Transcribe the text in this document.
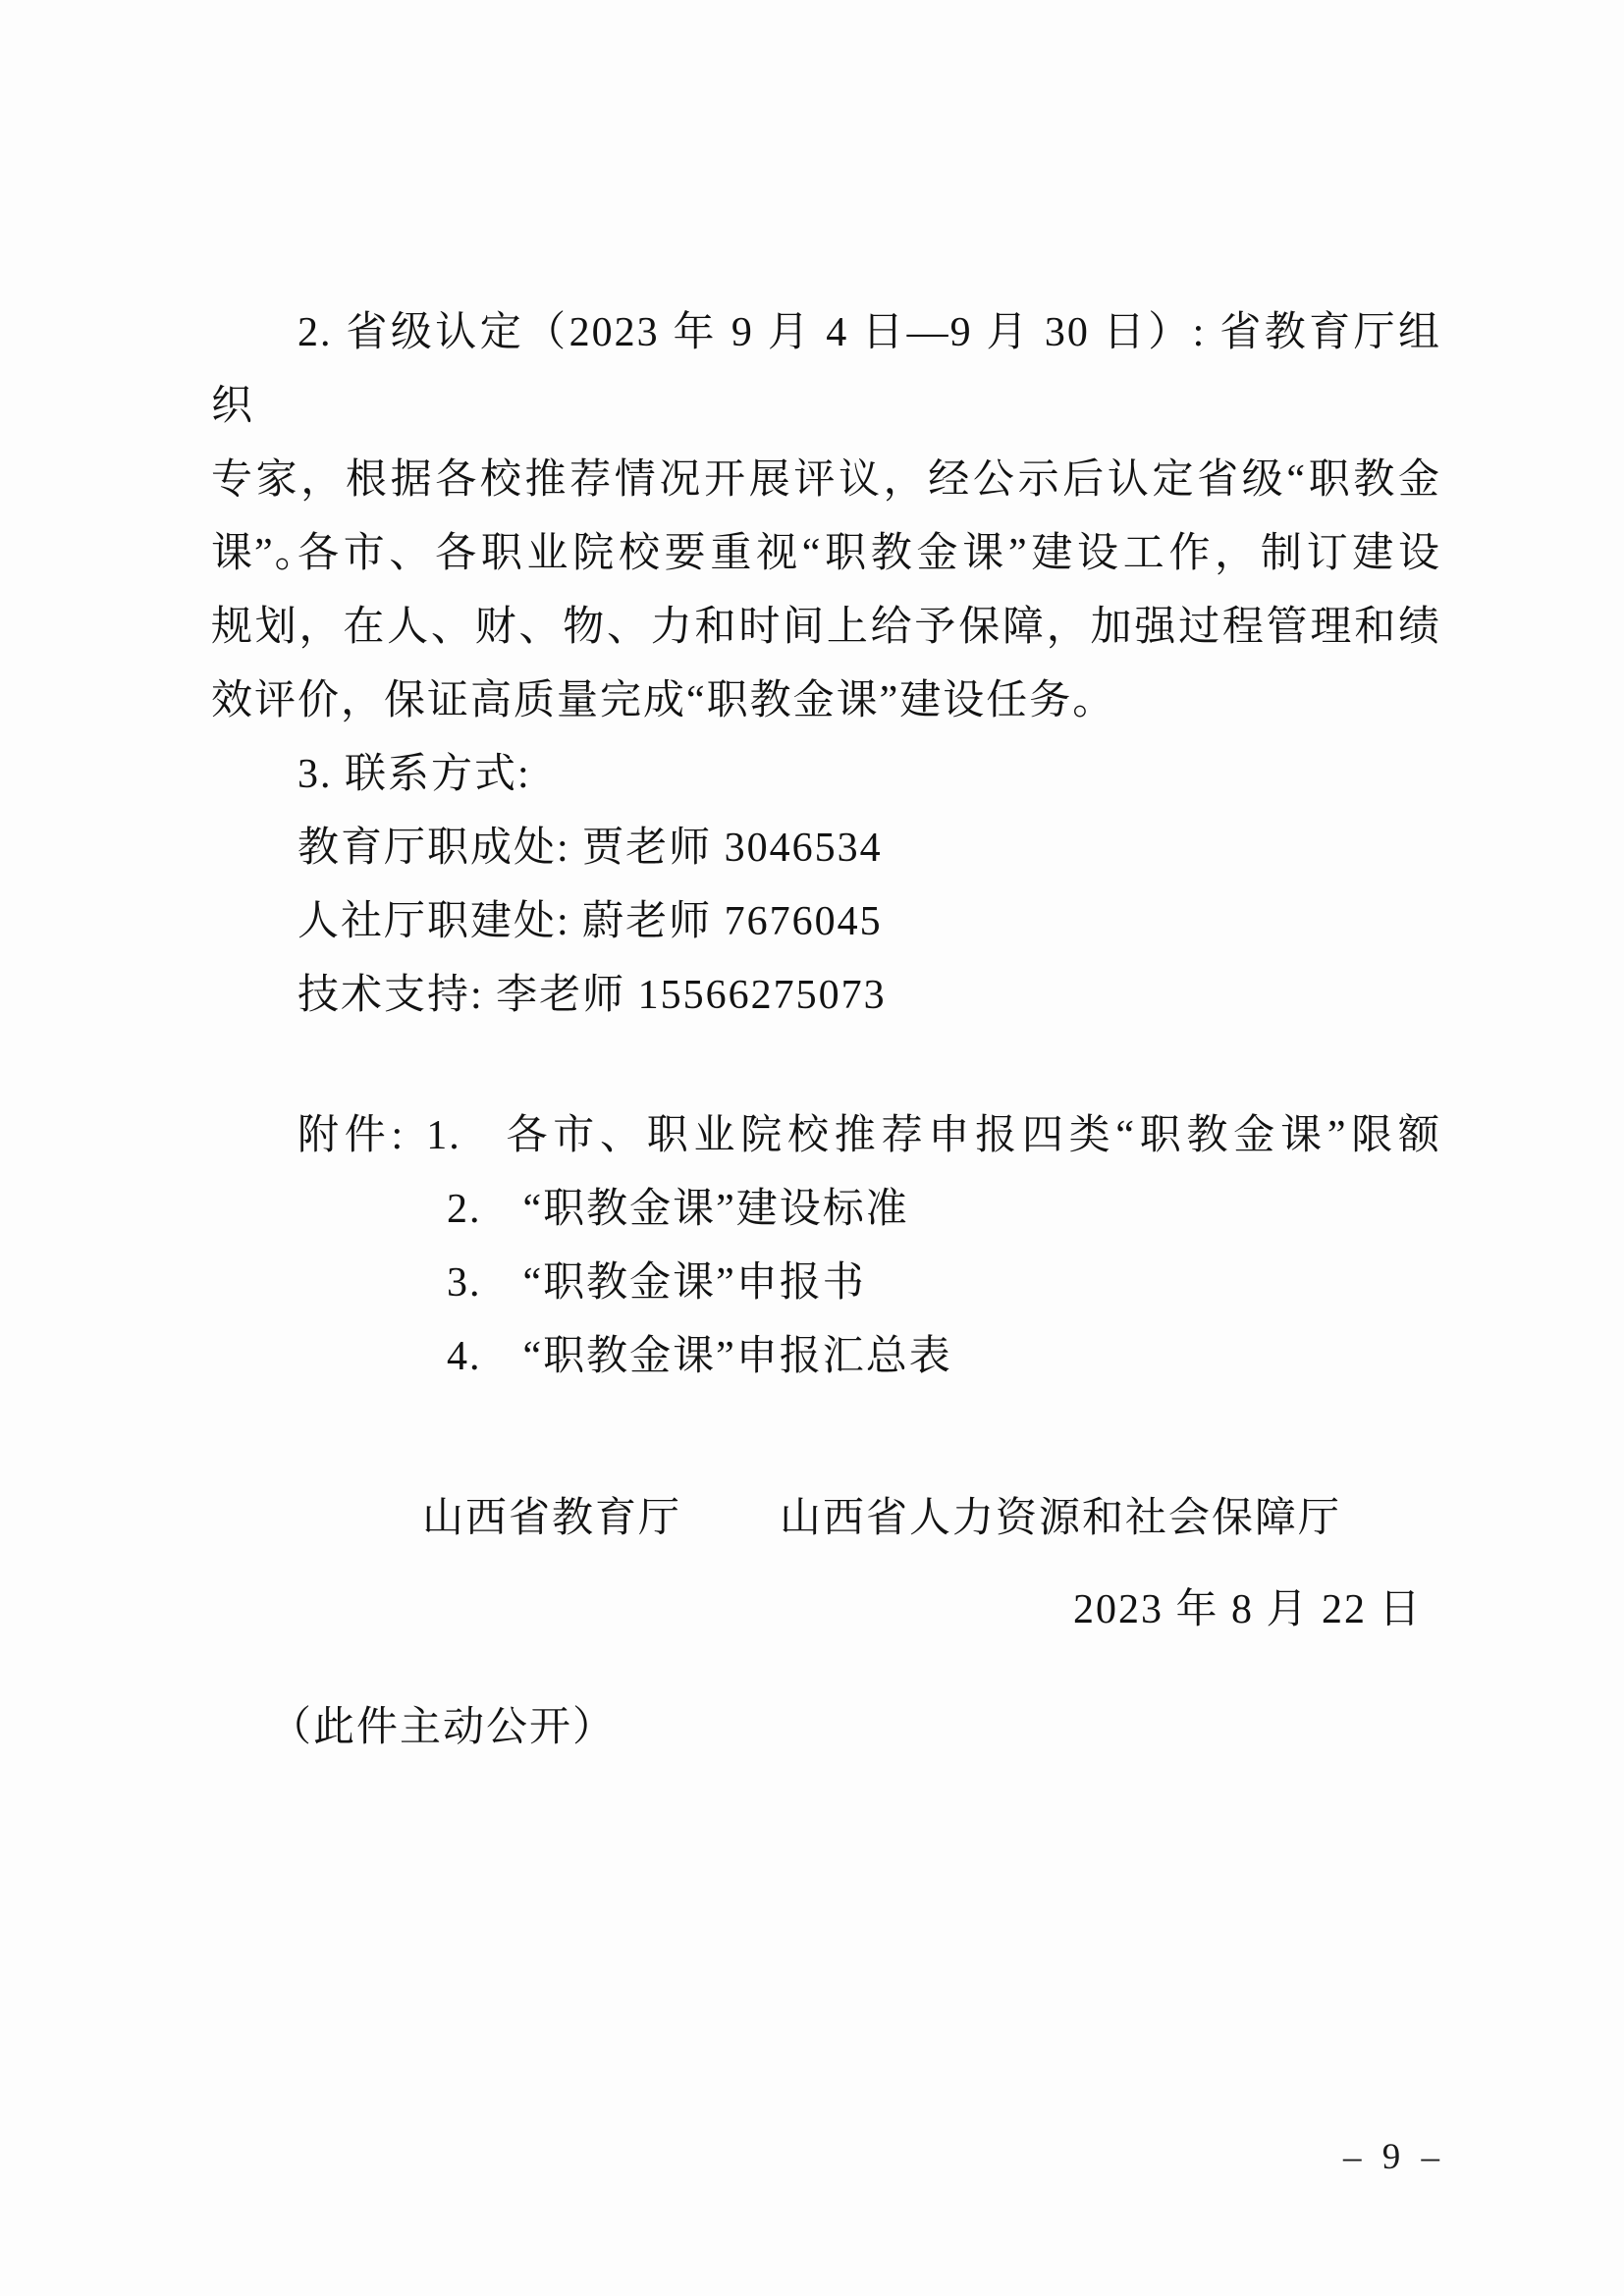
2. 省级认定（2023 年 9 月 4 日—9 月 30 日）: 省教育厅组织
专家，根据各校推荐情况开展评议，经公示后认定省级“职教金
课”。
各市、各职业院校要重视“职教金课”建设工作，制订建设
规划，在人、财、物、力和时间上给予保障，加强过程管理和绩
效评价，保证高质量完成“职教金课”建设任务。
3. 联系方式:
教育厅职成处: 贾老师 3046534
人社厅职建处: 蔚老师 7676045
技术支持: 李老师 15566275073
附件: 1. 各市、职业院校推荐申报四类“职教金课”限额
2. “职教金课”建设标准
3. “职教金课”申报书
4. “职教金课”申报汇总表
山西省教育厅 山西省人力资源和社会保障厅
2023 年 8 月 22 日
（此件主动公开）
– 9 –
